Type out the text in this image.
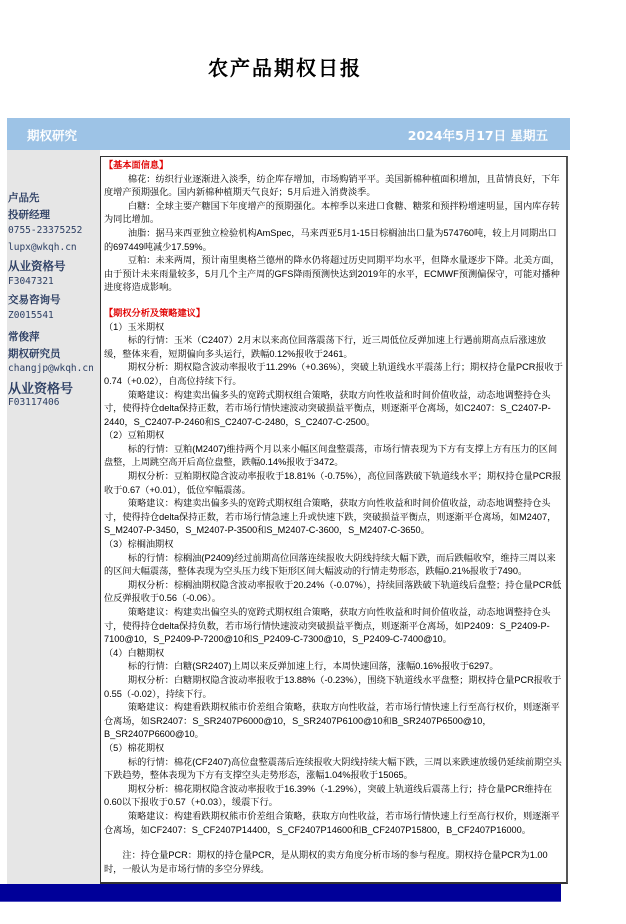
农产品期权日报
期权研究	2024年5月17日 星期五
卢品先
投研经理
0755-23375252
lupx@wkqh.cn
从业资格号
F3047321
交易咨询号
Z0015541
常俊萍
期权研究员
changjp@wkqh.cn
从业资格号
F03117406
【基本面信息】

棉花：纺织行业逐渐进入淡季，纺企库存增加，市场购销平平。美国新棉种植面积增加，且苗情良好，下年度增产预期强化。国内新棉种植期天气良好；5月后进入消费淡季。

白糖：全球主要产糖国下年度增产的预期强化。本榨季以来进口食糖、糖浆和预拌粉增速明显，国内库存转为同比增加。

油脂：据马来西亚独立检验机构AmSpec，马来西亚5月1-15日棕榈油出口量为574760吨，较上月同期出口的697449吨减少17.59%。

豆粕：未来两周，预计南里奥格兰德州的降水仍将超过历史同期平均水平，但降水量逐步下降。北美方面，由于预计未来雨量较多，5月几个主产周的GFS降雨预测快达到2019年的水平，ECMWF预测偏保守，可能对播种进度将造成影响。

【期权分析及策略建议】

（1）玉米期权

标的行情：玉米（C2407）2月末以来高位回落震荡下行，近三周低位反弹加速上行遇前期高点后涨速放缓，整体来看，短期偏向多头运行，跌幅0.12%报收于2461。

期权分析：期权隐含波动率报收于11.29%（+0.36%），突破上轨道线水平震荡上行；期权持仓量PCR报收于0.74（+0.02），自高位持续下行。

策略建议：构建卖出偏多头的宽跨式期权组合策略，获取方向性收益和时间价值收益，动态地调整持仓头寸，使得持仓delta保持正数，若市场行情快速波动突破损益平衡点，则逐渐平仓离场，如C2407：S_C2407-P-2440，S_C2407-P-2460和S_C2407-C-2480，S_C2407-C-2500。

（2）豆粕期权

标的行情：豆粕(M2407)维持两个月以来小幅区间盘整震荡，市场行情表现为下方有支撑上方有压力的区间盘整，上周跳空高开后高位盘整，跌幅0.14%报收于3472。

期权分析：豆粕期权隐含波动率报收于18.81%（-0.75%），高位回落跌破下轨道线水平；期权持仓量PCR报收于0.67（+0.01），低位窄幅震荡。

策略建议：构建卖出偏多头的宽跨式期权组合策略，获取方向性收益和时间价值收益，动态地调整持仓头寸，使得持仓delta保持正数，若市场行情急速上升或快速下跌，突破损益平衡点，则逐渐平仓离场，如M2407，S_M2407-P-3450，S_M2407-P-3500和S_M2407-C-3600，S_M2407-C-3650。

（3）棕榈油期权

标的行情：棕榈油(P2409)经过前期高位回落连续报收大阴线持续大幅下跌，而后跌幅收窄，维持三周以来的区间大幅震荡，整体表现为空头压力线下矩形区间大幅波动的行情走势形态，跌幅0.21%报收于7490。

期权分析：棕榈油期权隐含波动率报收于20.24%（-0.07%），持续回落跌破下轨道线后盘整；持仓量PCR低位反弹报收于0.56（-0.06）。

策略建议：构建卖出偏空头的宽跨式期权组合策略，获取方向性收益和时间价值收益，动态地调整持仓头寸，使得持仓delta保持负数，若市场行情快速波动突破损益平衡点，则逐渐平仓离场，如P2409：S_P2409-P-7100@10，S_P2409-P-7200@10和S_P2409-C-7300@10，S_P2409-C-7400@10。

（4）白糖期权

标的行情：白糖(SR2407)上周以来反弹加速上行，本周快速回落，涨幅0.16%报收于6297。

期权分析：白糖期权隐含波动率报收于13.88%（-0.23%），围绕下轨道线水平盘整；期权持仓量PCR报收于0.55（-0.02），持续下行。

策略建议：构建看跌期权熊市价差组合策略，获取方向性收益，若市场行情快速上行至高行权价，则逐渐平仓离场，如SR2407：S_SR2407P6000@10，S_SR2407P6100@10和B_SR2407P6500@10，B_SR2407P6600@10。

（5）棉花期权

标的行情：棉花(CF2407)高位盘整震荡后连续报收大阴线持续大幅下跌，三周以来跌速放缓仍延续前期空头下跌趋势，整体表现为下方有支撑空头走势形态，涨幅1.04%报收于15065。

期权分析：棉花期权隐含波动率报收于16.39%（-1.29%），突破上轨道线后震荡上行；持仓量PCR维持在0.60以下报收于0.57（+0.03），缓震下行。

策略建议：构建看跌期权熊市价差组合策略，获取方向性收益，若市场行情快速上行至高行权价，则逐渐平仓离场，如CF2407：S_CF2407P14400，S_CF2407P14600和B_CF2407P15800，B_CF2407P16000。

注：持仓量PCR：期权的持仓量PCR，是从期权的卖方角度分析市场的参与程度。期权持仓量PCR为1.00时，一般认为是市场行情的多空分界线。
